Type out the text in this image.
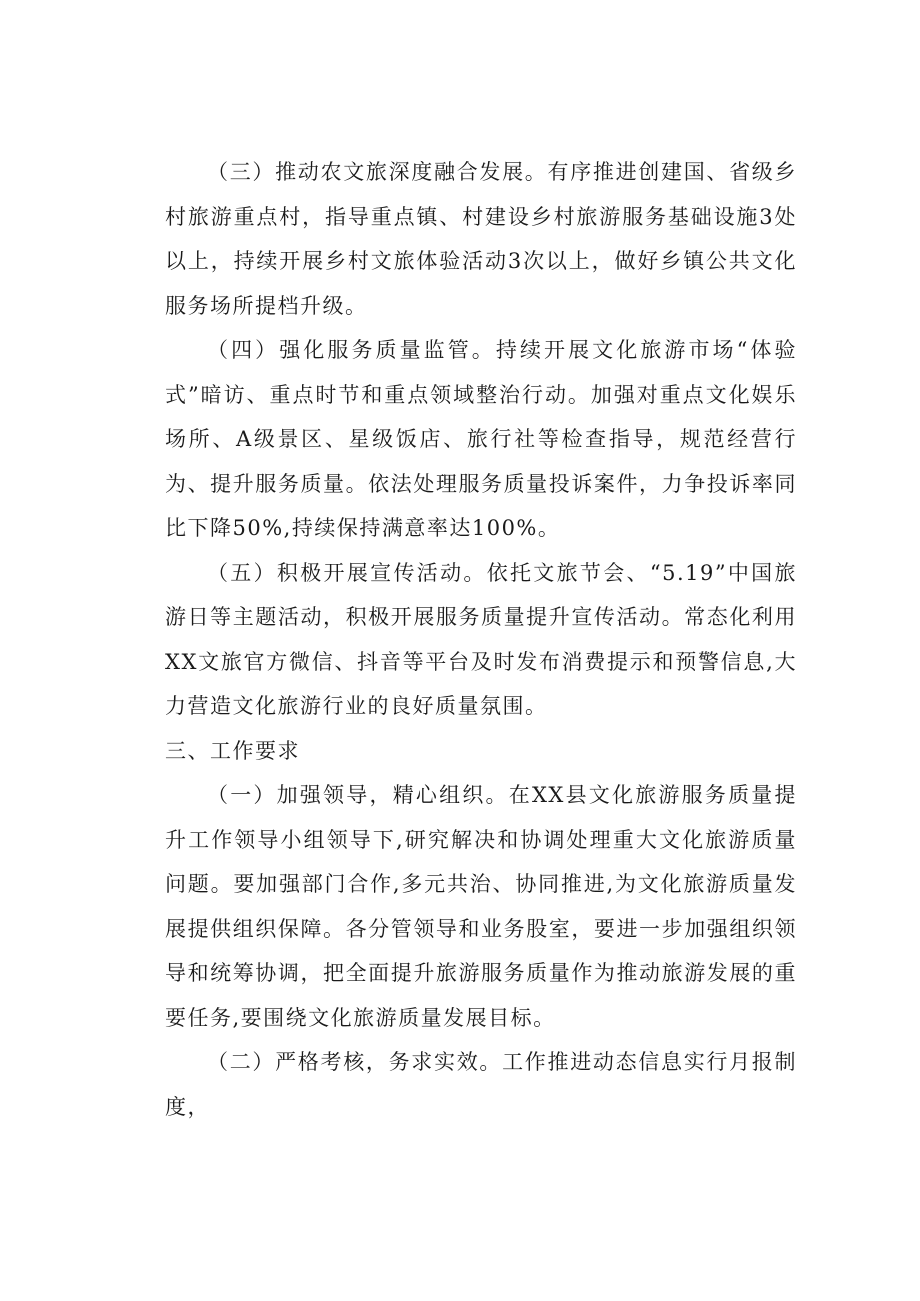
（三）推动农文旅深度融合发展。有序推进创建国、省级乡村旅游重点村，指导重点镇、村建设乡村旅游服务基础设施3处以上，持续开展乡村文旅体验活动3次以上，做好乡镇公共文化服务场所提档升级。

（四）强化服务质量监管。持续开展文化旅游市场“体验式”暗访、重点时节和重点领域整治行动。加强对重点文化娱乐场所、A级景区、星级饭店、旅行社等检查指导，规范经营行为、提升服务质量。依法处理服务质量投诉案件，力争投诉率同比下降50%,持续保持满意率达100%。

（五）积极开展宣传活动。依托文旅节会、“5.19”中国旅游日等主题活动，积极开展服务质量提升宣传活动。常态化利用XX文旅官方微信、抖音等平台及时发布消费提示和预警信息,大力营造文化旅游行业的良好质量氛围。

三、工作要求

（一）加强领导，精心组织。在XX县文化旅游服务质量提升工作领导小组领导下,研究解决和协调处理重大文化旅游质量问题。要加强部门合作,多元共治、协同推进,为文化旅游质量发展提供组织保障。各分管领导和业务股室，要进一步加强组织领导和统筹协调，把全面提升旅游服务质量作为推动旅游发展的重要任务,要围绕文化旅游质量发展目标。

（二）严格考核，务求实效。工作推进动态信息实行月报制度，
